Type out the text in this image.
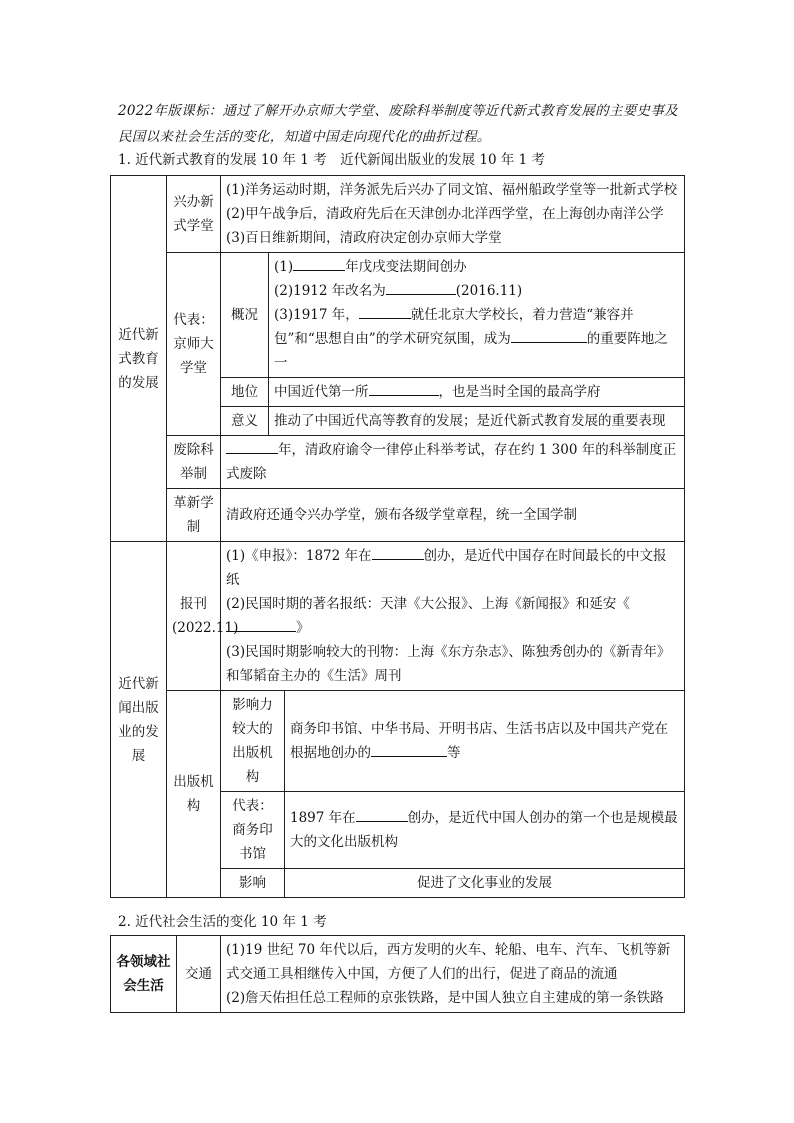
2022年版课标：通过了解开办京师大学堂、废除科举制度等近代新式教育发展的主要史事及民国以来社会生活的变化，知道中国走向现代化的曲折过程。
1. 近代新式教育的发展 10 年 1 考　近代新闻出版业的发展 10 年 1 考
近代新式教育的发展	兴办新式学堂	(1)洋务运动时期，洋务派先后兴办了同文馆、福州船政学堂等一批新式学校
(2)甲午战争后，清政府先后在天津创办北洋西学堂，在上海创办南洋公学
(3)百日维新期间，清政府决定创办京师大学堂		

	代表：京师大学堂	概况	(1) 年戊戌变法期间创办
(2)1912 年改名为 (2016.11)
(3)1917 年， 就任北京大学校长，着力营造“兼容并包”和“思想自由”的学术研究氛围，成为 的重要阵地之一	

		地位	中国近代第一所 ，也是当时全国的最高学府	
		意义	推动了中国近代高等教育的发展；是近代新式教育发展的重要表现	
	废除科举制	年，清政府谕令一律停止科举考试，存在约 1 300 年的科举制度正式废除		
	革新学制	清政府还通令兴办学堂，颁布各级学堂章程，统一全国学制		
近代新闻出版业的发展	报刊(2022.11)	(1)《申报》：1872 年在 创办，是近代中国存在时间最长的中文报纸
(2)民国时期的著名报纸：天津《大公报》、上海《新闻报》和延安《》
(3)民国时期影响较大的刊物：上海《东方杂志》、陈独秀创办的《新青年》和邹韬奋主办的《生活》周刊		

	出版机构	影响力较大的出版机构		商务印书馆、中华书局、开明书店、生活书店以及中国共产党在根据地创办的 等
		代表：商务印书馆		1897 年在 创办，是近代中国人创办的第一个也是规模最大的文化出版机构
		影响		促进了文化事业的发展
2. 近代社会生活的变化 10 年 1 考
各领域社会生活	交通	
(1)19 世纪 70 年代以后，西方发明的火车、轮船、电车、汽车、飞机等新式交通工具相继传入中国，方便了人们的出行，促进了商品的流通
(2)詹天佑担任总工程师的京张铁路，是中国人独立自主建成的第一条铁路
